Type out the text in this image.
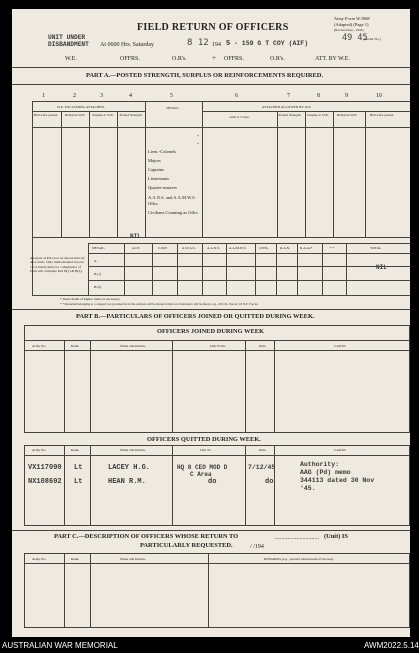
FIELD RETURN OF OFFICERS
Army Form W.3008
(Adapted) (Page 1)
(Revised Aus., 1943)
UNIT UNDER DISBANDMENT	At 0600 Hrs. Saturday	8 12 194 5 - 159 G T COY (AIF)
49 45
(Serial No.)
W.E.	OFFRS.	O.R's.	+ OFFRS.	O.R's.	ATT. BY W.E.
PART A.—POSTED STRENGTH, SURPLUS OR REINFORCEMENTS REQUIRED.
1	2	3	4	5	6	7	8	9	10
W.E. EXCLUDING ATTACHED.	ATTACHED ALLOWED BY W.E.
Bal'ce Re-quired.	Deficient W.E.	Surplus to W.E.	Posted Strength.
DETAIL.
Arm or Corps.	Posted Strength.	Surplus to W.E.	Deficient W.E.	Bal'ce Re-quired.
*
*
Lieut.-Colonels
Majors
Captains
Lieutenants
Quarter-masters
A.A.N.S. and A.A.M.W.S. Offrs.
Civilians Counting as Offrs.
NIL
Analysis of Part A to be shown here by ALL units. Only items marked in para. 18 of instructions for compilation of form will complete Part B(1) & B(2).
DETAIL.	A.I.F.	C.M.F.	A.W.A.S.	A.A.N.S.	A.A.M.W.S.	CIVIL.	R.A.N.	R.A.A.F.	* *	TOTAL.
A.
B.(1)
B.(2)
NIL
* Insert detail of higher ranks as necessary.
* * Personnel belonging to a category not provided for in the analysis will be shown in this Col. Particulars will be shown, e.g., 20 U.K. Forces; 10 N.Z. Forces.
PART B.—PARTICULARS OF OFFICERS JOINED OR QUITTED DURING WEEK.
OFFICERS JOINED DURING WEEK
Army No.	Rank.	Name and Initials.	Unit From.	Date.	CAUSE.
OFFICERS QUITTED DURING WEEK.
Army No.	Rank.	Name and Initials.	Unit To.	Date.	CAUSE.
VX117090 Lt	LACEY H.G.	HQ 8 CEO MOD D
C Area
7/12/45	Authority:
AAG (Pd) memo
344113 dated 30 Nov
'45.
NX108692 Lt	HEAN R.M.	do	do
PART C.—DESCRIPTION OF OFFICERS WHOSE RETURN TO	.............................. (Unit) IS
PARTICULARLY REQUESTED.	/ /194
Army No.	Rank.	Name and Initials.	REMARKS (e.g., present whereabouts if known).
AUSTRALIAN WAR MEMORIAL	AWM2022.5.14
